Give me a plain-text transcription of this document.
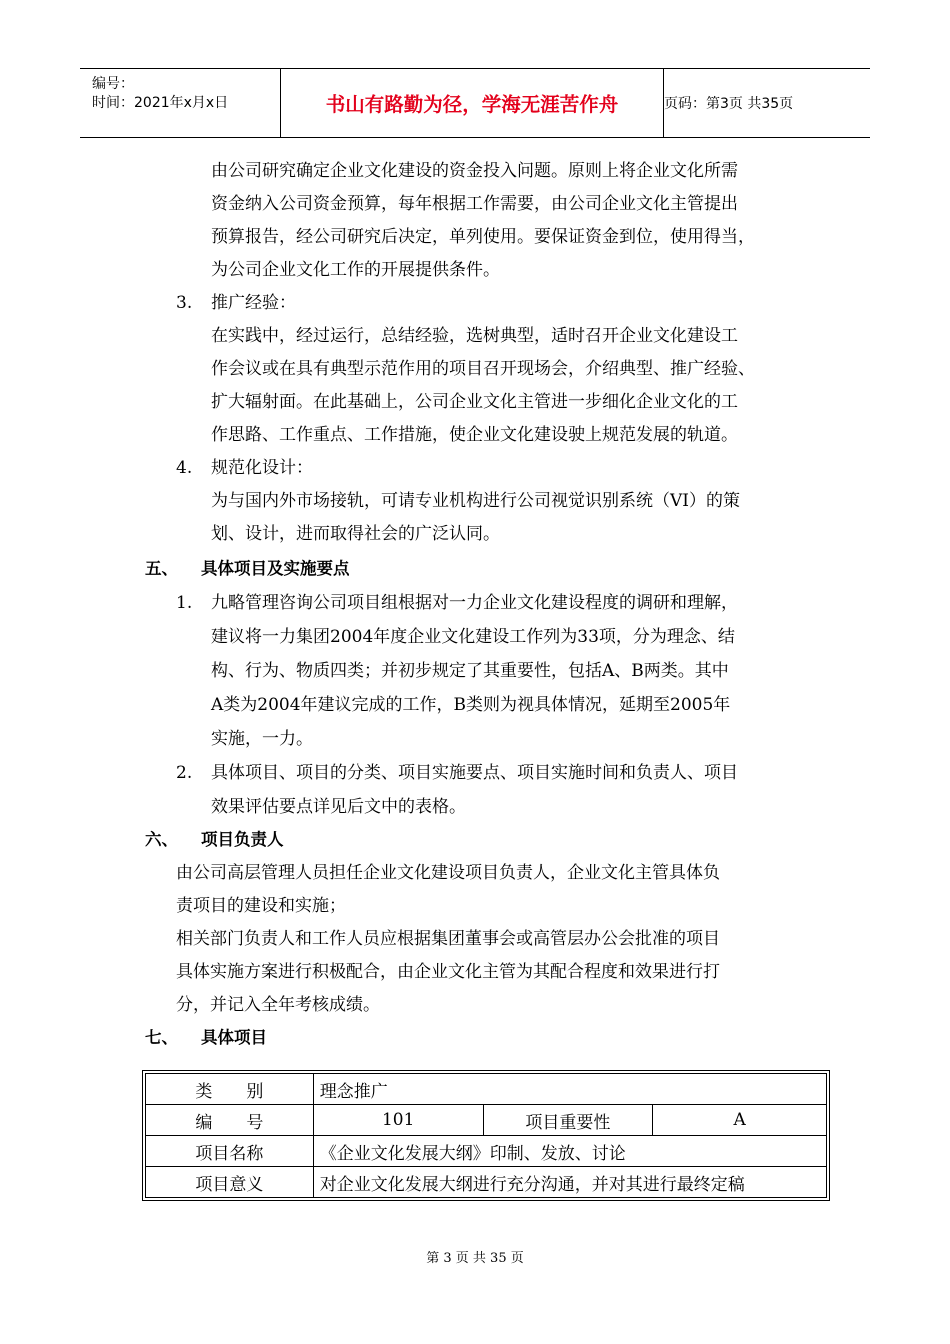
编号：
时间：2021年x月x日	书山有路勤为径，学海无涯苦作舟	页码：第3页 共35页
由公司研究确定企业文化建设的资金投入问题。原则上将企业文化所需
资金纳入公司资金预算，每年根据工作需要，由公司企业文化主管提出
预算报告，经公司研究后决定，单列使用。要保证资金到位，使用得当，
为公司企业文化工作的开展提供条件。
3. 推广经验：
在实践中，经过运行，总结经验，选树典型，适时召开企业文化建设工
作会议或在具有典型示范作用的项目召开现场会，介绍典型、推广经验、
扩大辐射面。在此基础上，公司企业文化主管进一步细化企业文化的工
作思路、工作重点、工作措施，使企业文化建设驶上规范发展的轨道。
4. 规范化设计：
为与国内外市场接轨，可请专业机构进行公司视觉识别系统（VI）的策
划、设计，进而取得社会的广泛认同。
五、 具体项目及实施要点
1. 九略管理咨询公司项目组根据对一力企业文化建设程度的调研和理解，
建议将一力集团2004年度企业文化建设工作列为33项，分为理念、结
构、行为、物质四类；并初步规定了其重要性，包括A、B两类。其中
A类为2004年建议完成的工作，B类则为视具体情况，延期至2005年
实施，一力。
2. 具体项目、项目的分类、项目实施要点、项目实施时间和负责人、项目
效果评估要点详见后文中的表格。
六、 项目负责人
由公司高层管理人员担任企业文化建设项目负责人，企业文化主管具体负
责项目的建设和实施；
相关部门负责人和工作人员应根据集团董事会或高管层办公会批准的项目
具体实施方案进行积极配合，由企业文化主管为其配合程度和效果进行打
分，并记入全年考核成绩。
七、 具体项目
类　　别	理念推广		
编　　号	101	项目重要性	A
项目名称	《企业文化发展大纲》印制、发放、讨论		
项目意义	对企业文化发展大纲进行充分沟通，并对其进行最终定稿		
第 3 页 共 35 页
